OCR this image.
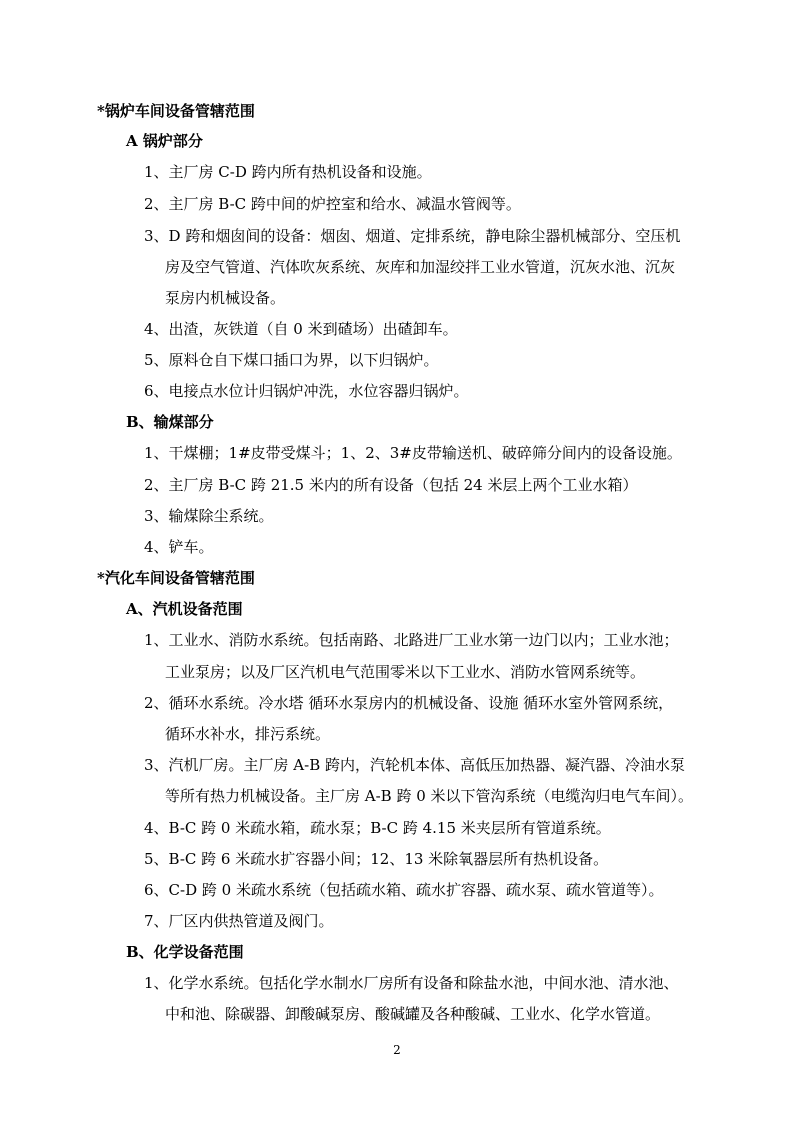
*锅炉车间设备管辖范围
A 锅炉部分
1、主厂房 C-D 跨内所有热机设备和设施。
2、主厂房 B-C 跨中间的炉控室和给水、减温水管阀等。
3、D 跨和烟囱间的设备：烟囱、烟道、定排系统，静电除尘器机械部分、空压机
房及空气管道、汽体吹灰系统、灰库和加湿绞拌工业水管道，沉灰水池、沉灰
泵房内机械设备。
4、出渣，灰铁道（自 0 米到碴场）出碴卸车。
5、原料仓自下煤口插口为界，以下归锅炉。
6、电接点水位计归锅炉冲洗，水位容器归锅炉。
B、输煤部分
1、干煤棚；1#皮带受煤斗；1、2、3#皮带输送机、破碎筛分间内的设备设施。
2、主厂房 B-C 跨 21.5 米内的所有设备（包括 24 米层上两个工业水箱）
3、输煤除尘系统。
4、铲车。
*汽化车间设备管辖范围
A、汽机设备范围
1、工业水、消防水系统。包括南路、北路进厂工业水第一边门以内；工业水池；
工业泵房；以及厂区汽机电气范围零米以下工业水、消防水管网系统等。
2、循环水系统。冷水塔 循环水泵房内的机械设备、设施 循环水室外管网系统，
循环水补水，排污系统。
3、汽机厂房。主厂房 A-B 跨内，汽轮机本体、高低压加热器、凝汽器、冷油水泵
等所有热力机械设备。主厂房 A-B 跨 0 米以下管沟系统（电缆沟归电气车间）。
4、B-C 跨 0 米疏水箱，疏水泵；B-C 跨 4.15 米夹层所有管道系统。
5、B-C 跨 6 米疏水扩容器小间；12、13 米除氧器层所有热机设备。
6、C-D 跨 0 米疏水系统（包括疏水箱、疏水扩容器、疏水泵、疏水管道等）。
7、厂区内供热管道及阀门。
B、化学设备范围
1、化学水系统。包括化学水制水厂房所有设备和除盐水池，中间水池、清水池、
中和池、除碳器、卸酸碱泵房、酸碱罐及各种酸碱、工业水、化学水管道。
2
